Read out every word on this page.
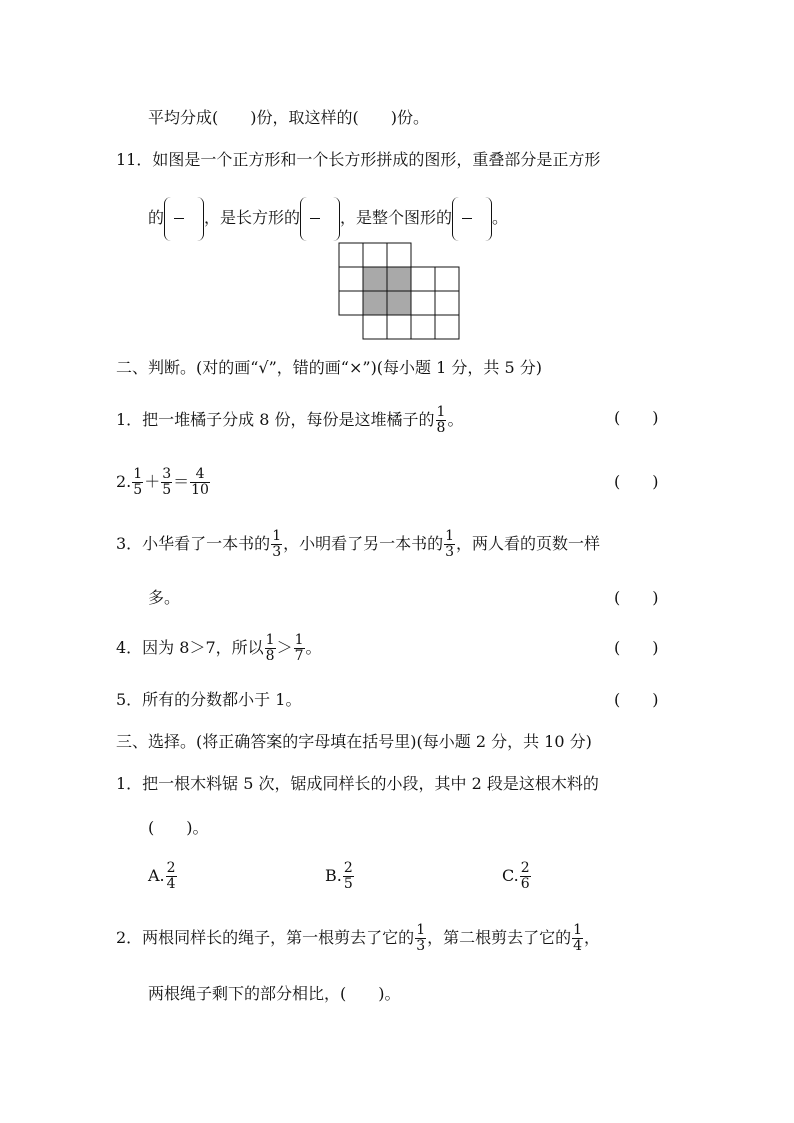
平均分成(　　)份，取这样的(　　)份。
11．如图是一个正方形和一个长方形拼成的图形，重叠部分是正方形
的	，是长方形的	，是整个图形的	。
二、判断。(对的画“√”，错的画“×”)(每小题 1 分，共 5 分)
1．把一堆橘子分成 8 份，每份是这堆橘子的 $\frac{1}{8}$ 。	(　　)
2. $\frac{1}{5} + \frac{3}{5} = \frac{4}{10}$	(　　)
3．小华看了一本书的 $\frac{1}{3}$ ，小明看了另一本书的 $\frac{1}{3}$ ，两人看的页数一样
多。	(　　)
4．因为 8＞7，所以 $\frac{1}{8} > \frac{1}{7}$ 。	(　　)
5．所有的分数都小于 1。	(　　)
三、选择。(将正确答案的字母填在括号里)(每小题 2 分，共 10 分)
1．把一根木料锯 5 次，锯成同样长的小段，其中 2 段是这根木料的
(　　)。
A. $\frac{2}{4}$	B. $\frac{2}{5}$	C. $\frac{2}{6}$
2．两根同样长的绳子，第一根剪去了它的 $\frac{1}{3}$ ，第二根剪去了它的 $\frac{1}{4}$ ，
两根绳子剩下的部分相比，(　　)。
